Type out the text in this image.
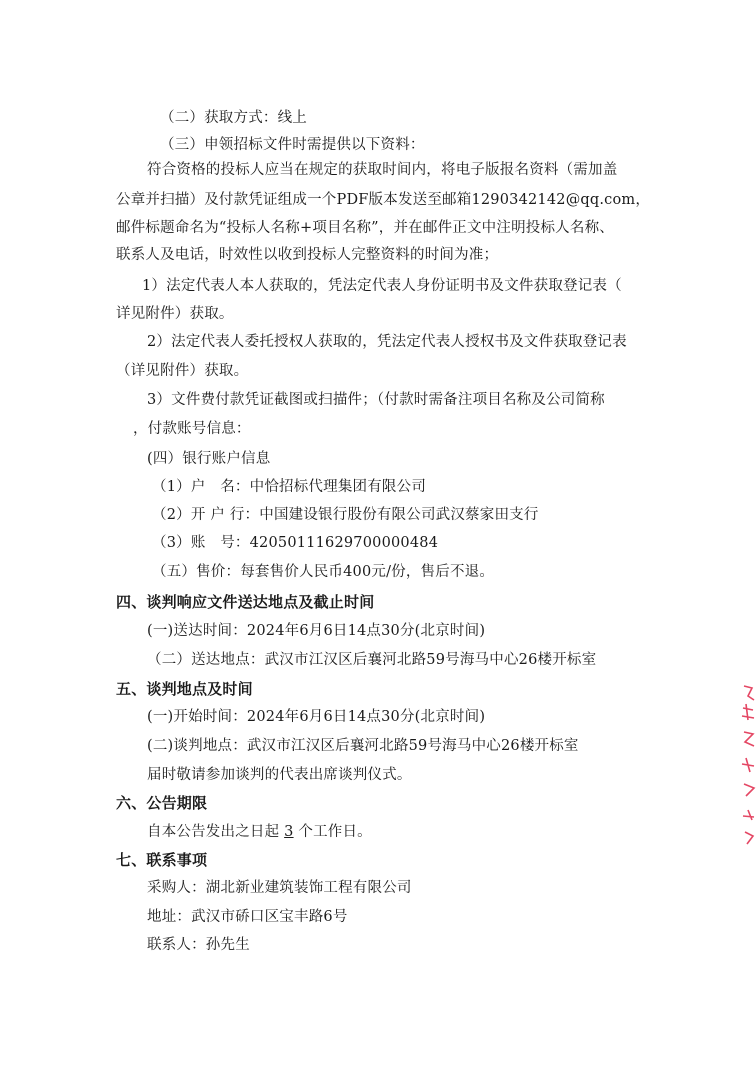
（二）获取方式：线上
（三）申领招标文件时需提供以下资料：
符合资格的投标人应当在规定的获取时间内，将电子版报名资料（需加盖
公章并扫描）及付款凭证组成一个PDF版本发送至邮箱1290342142@qq.com，
邮件标题命名为“投标人名称+项目名称”，并在邮件正文中注明投标人名称、
联系人及电话，时效性以收到投标人完整资料的时间为准；
1）法定代表人本人获取的，凭法定代表人身份证明书及文件获取登记表（
详见附件）获取。
2）法定代表人委托授权人获取的，凭法定代表人授权书及文件获取登记表
（详见附件）获取。
3）文件费付款凭证截图或扫描件；（付款时需备注项目名称及公司简称
，付款账号信息：
(四）银行账户信息
（1）户　名：中恰招标代理集团有限公司
（2）开 户 行：中国建设银行股份有限公司武汉蔡家田支行
（3）账　号：42050111629700000484
（五）售价：每套售价人民币400元/份，售后不退。
四、谈判响应文件送达地点及截止时间
(一)送达时间：2024年6月6日14点30分(北京时间)
（二）送达地点：武汉市江汉区后襄河北路59号海马中心26楼开标室
五、谈判地点及时间
(一)开始时间：2024年6月6日14点30分(北京时间)
(二)谈判地点：武汉市江汉区后襄河北路59号海马中心26楼开标室
届时敬请参加谈判的代表出席谈判仪式。
六、公告期限
自本公告发出之日起 3 个工作日。
七、联系事项
采购人：湖北新业建筑装饰工程有限公司
地址：武汉市硚口区宝丰路6号
联系人：孙先生
